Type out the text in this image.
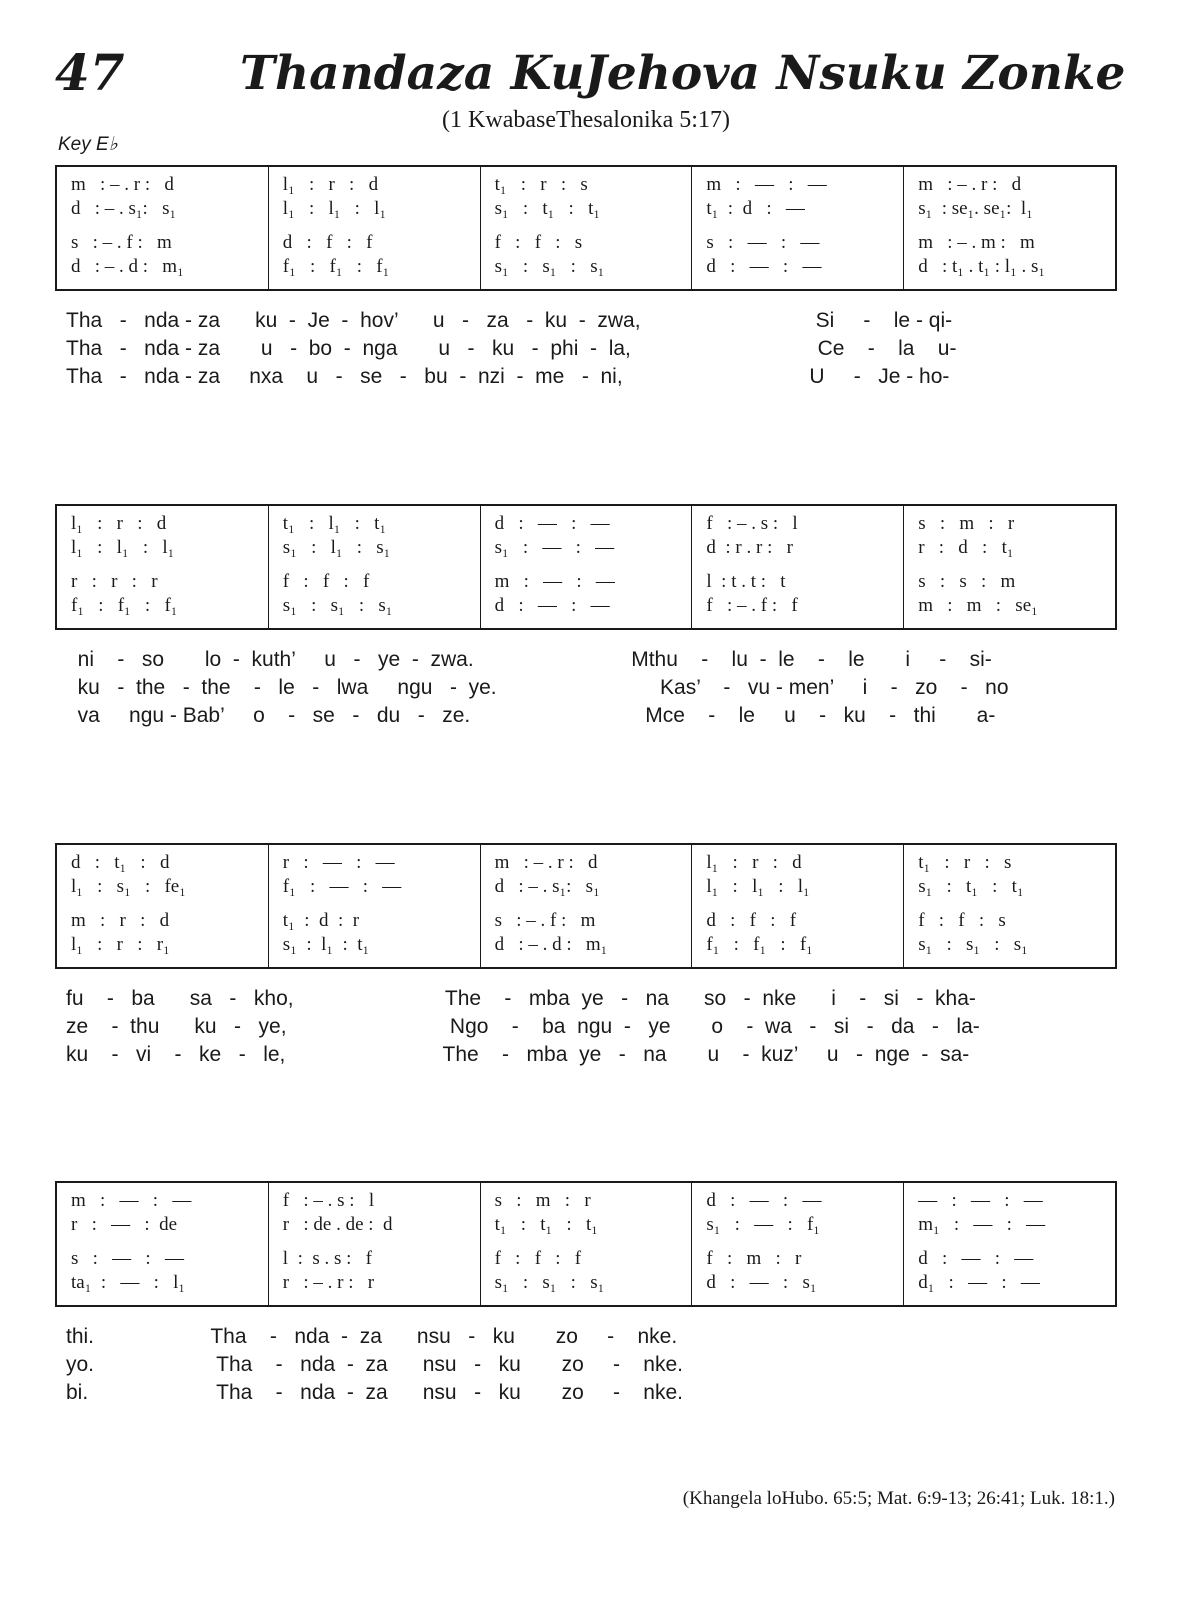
47 Thandaza KuJehova Nsuku Zonke
(1 KwabaseThesalonika 5:17)
Key E♭
m   : – . r :   d
d   : – . s₁:   s₁
s   : – . f :   m
d   : – . d :   m₁
l₁   :   r   :   d
l₁   :   l₁   :   l₁
d   :   f   :   f
f₁   :   f₁   :   f₁
t₁   :   r   :   s
s₁   :   t₁   :   t₁
f   :   f   :   s
s₁   :   s₁   :   s₁
m   :   —   :   —
t₁  :  d   :   —
s   :   —   :   —
d   :   —   :   —
m   : – . r :   d
s₁  : se₁. se₁:  l₁
m   : – . m :   m
d   : t₁ . t₁ : l₁ . s₁
Tha   -   nda - za      ku  -  Je  -  hov’      u   -   za   -  ku  -  zwa,                              Si     -    le - qi-
Tha   -   nda - za       u   -  bo  -  nga       u   -   ku   -  phi  -  la,                                Ce    -    la    u-
Tha   -   nda - za     nxa    u   -   se   -   bu  -  nzi  -  me   -  ni,                                U     -   Je - ho-
l₁   :   r   :   d
l₁   :   l₁   :   l₁
r   :   r   :   r
f₁   :   f₁   :   f₁
t₁   :   l₁   :   t₁
s₁   :   l₁   :   s₁
f   :   f   :   f
s₁   :   s₁   :   s₁
d   :   —   :   —
s₁   :   —   :   —
m   :   —   :   —
d   :   —   :   —
f   : – . s :   l
d  : r . r :   r
l  : t . t :   t
f   : – . f :   f
s   :   m   :   r
r   :   d   :   t₁
s   :   s   :   m
m   :   m   :   se₁
ni    -   so       lo  -  kuth’     u   -   ye  -  zwa.                           Mthu    -    lu  -  le    -    le       i     -    si-
ku   -  the   -  the    -   le   -   lwa     ngu   -  ye.                            Kas’    -   vu - men’     i    -   zo    -   no
va     ngu - Bab’     o    -   se   -   du   -   ze.                              Mce    -    le     u    -   ku    -   thi       a-
d   :   t₁   :   d
l₁   :   s₁   :   fe₁
m   :   r   :   d
l₁   :   r   :   r₁
r   :   —   :   —
f₁   :   —   :   —
t₁  :  d  :  r
s₁  :  l₁  :  t₁
m   : – . r :   d
d   : – . s₁:   s₁
s   : – . f :   m
d   : – . d :   m₁
l₁   :   r   :   d
l₁   :   l₁   :   l₁
d   :   f   :   f
f₁   :   f₁   :   f₁
t₁   :   r   :   s
s₁   :   t₁   :   t₁
f   :   f   :   s
s₁   :   s₁   :   s₁
fu    -   ba      sa   -   kho,                          The    -   mba  ye   -   na      so   -  nke      i    -   si   -  kha-
ze    -  thu      ku   -   ye,                            Ngo    -    ba  ngu  -   ye       o    -  wa   -   si   -   da   -   la-
ku    -   vi    -   ke   -   le,                           The    -   mba  ye   -   na       u    -  kuz’     u   -  nge  -  sa-
m   :   —   :   —
r   :   —   :  de
s   :   —   :   —
ta₁  :   —   :   l₁
f   : – . s :   l
r   : de . de :  d
l  :  s . s :   f
r   : – . r :   r
s   :   m   :   r
t₁   :   t₁   :   t₁
f   :   f   :   f
s₁   :   s₁   :   s₁
d   :   —   :   —
s₁   :   —   :   f₁
f   :   m   :   r
d   :   —   :   s₁
—   :   —   :   —
m₁   :   —   :   —
d   :   —   :   —
d₁   :   —   :   —
thi.                    Tha    -   nda  -  za      nsu   -   ku       zo     -    nke.
yo.                     Tha    -   nda  -  za      nsu   -   ku       zo     -    nke.
bi.                      Tha    -   nda  -  za      nsu   -   ku       zo     -    nke.
(Khangela loHubo. 65:5; Mat. 6:9-13; 26:41; Luk. 18:1.)
